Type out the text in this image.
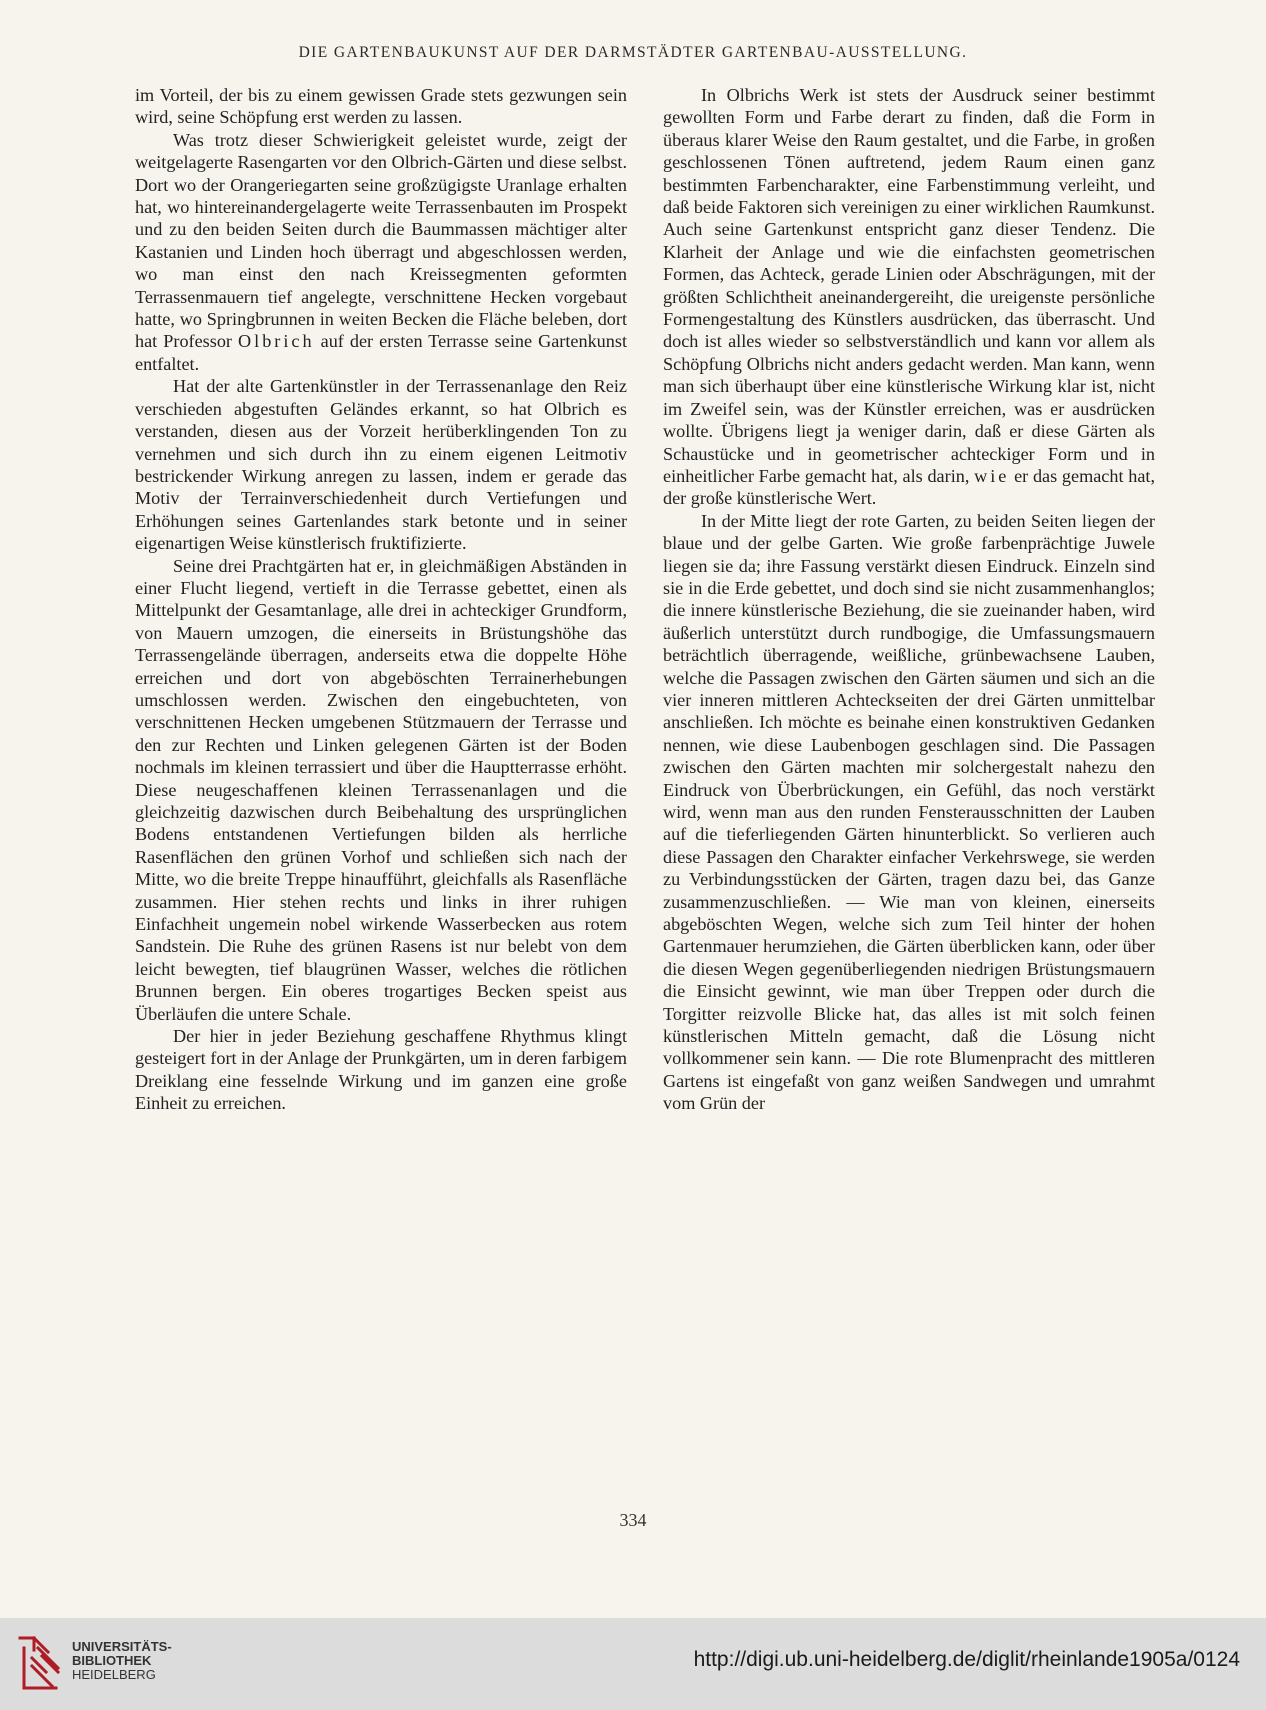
DIE GARTENBAUKUNST AUF DER DARMSTÄDTER GARTENBAU-AUSSTELLUNG.

im Vorteil, der bis zu einem gewissen Grade stets gezwungen sein wird, seine Schöpfung erst werden zu lassen.

Was trotz dieser Schwierigkeit geleistet wurde, zeigt der weitgelagerte Rasengarten vor den Olbrich-Gärten und diese selbst. Dort wo der Orangeriegarten seine großzügigste Uranlage erhalten hat, wo hintereinandergelagerte weite Terrassenbauten im Prospekt und zu den beiden Seiten durch die Baummassen mächtiger alter Kastanien und Linden hoch überragt und abgeschlossen werden, wo man einst den nach Kreissegmenten geformten Terrassenmauern tief angelegte, verschnittene Hecken vorgebaut hatte, wo Springbrunnen in weiten Becken die Fläche beleben, dort hat Professor Olbrich auf der ersten Terrasse seine Gartenkunst entfaltet.

Hat der alte Gartenkünstler in der Terrassenanlage den Reiz verschieden abgestuften Geländes erkannt, so hat Olbrich es verstanden, diesen aus der Vorzeit herüberklingenden Ton zu vernehmen und sich durch ihn zu einem eigenen Leitmotiv bestrickender Wirkung anregen zu lassen, indem er gerade das Motiv der Terrainverschiedenheit durch Vertiefungen und Erhöhungen seines Gartenlandes stark betonte und in seiner eigenartigen Weise künstlerisch fruktifizierte.

Seine drei Prachtgärten hat er, in gleichmäßigen Abständen in einer Flucht liegend, vertieft in die Terrasse gebettet, einen als Mittelpunkt der Gesamtanlage, alle drei in achteckiger Grundform, von Mauern umzogen, die einerseits in Brüstungshöhe das Terrassengelände überragen, anderseits etwa die doppelte Höhe erreichen und dort von abgeböschten Terrainerhebungen umschlossen werden. Zwischen den eingebuchteten, von verschnittenen Hecken umgebenen Stützmauern der Terrasse und den zur Rechten und Linken gelegenen Gärten ist der Boden nochmals im kleinen terrassiert und über die Hauptterrasse erhöht. Diese neugeschaffenen kleinen Terrassenanlagen und die gleichzeitig dazwischen durch Beibehaltung des ursprünglichen Bodens entstandenen Vertiefungen bilden als herrliche Rasenflächen den grünen Vorhof und schließen sich nach der Mitte, wo die breite Treppe hinaufführt, gleichfalls als Rasenfläche zusammen. Hier stehen rechts und links in ihrer ruhigen Einfachheit ungemein nobel wirkende Wasserbecken aus rotem Sandstein. Die Ruhe des grünen Rasens ist nur belebt von dem leicht bewegten, tief blaugrünen Wasser, welches die rötlichen Brunnen bergen. Ein oberes trogartiges Becken speist aus Überläufen die untere Schale.

Der hier in jeder Beziehung geschaffene Rhythmus klingt gesteigert fort in der Anlage der Prunkgärten, um in deren farbigem Dreiklang eine fesselnde Wirkung und im ganzen eine große Einheit zu erreichen.

In Olbrichs Werk ist stets der Ausdruck seiner bestimmt gewollten Form und Farbe derart zu finden, daß die Form in überaus klarer Weise den Raum gestaltet, und die Farbe, in großen geschlossenen Tönen auftretend, jedem Raum einen ganz bestimmten Farbencharakter, eine Farbenstimmung verleiht, und daß beide Faktoren sich vereinigen zu einer wirklichen Raumkunst. Auch seine Gartenkunst entspricht ganz dieser Tendenz. Die Klarheit der Anlage und wie die einfachsten geometrischen Formen, das Achteck, gerade Linien oder Abschrägungen, mit der größten Schlichtheit aneinandergereiht, die ureigenste persönliche Formengestaltung des Künstlers ausdrücken, das überrascht. Und doch ist alles wieder so selbstverständlich und kann vor allem als Schöpfung Olbrichs nicht anders gedacht werden. Man kann, wenn man sich überhaupt über eine künstlerische Wirkung klar ist, nicht im Zweifel sein, was der Künstler erreichen, was er ausdrücken wollte. Übrigens liegt ja weniger darin, daß er diese Gärten als Schaustücke und in geometrischer achteckiger Form und in einheitlicher Farbe gemacht hat, als darin, wie er das gemacht hat, der große künstlerische Wert.

In der Mitte liegt der rote Garten, zu beiden Seiten liegen der blaue und der gelbe Garten. Wie große farbenprächtige Juwele liegen sie da; ihre Fassung verstärkt diesen Eindruck. Einzeln sind sie in die Erde gebettet, und doch sind sie nicht zusammenhanglos; die innere künstlerische Beziehung, die sie zueinander haben, wird äußerlich unterstützt durch rundbogige, die Umfassungsmauern beträchtlich überragende, weißliche, grünbewachsene Lauben, welche die Passagen zwischen den Gärten säumen und sich an die vier inneren mittleren Achteckseiten der drei Gärten unmittelbar anschließen. Ich möchte es beinahe einen konstruktiven Gedanken nennen, wie diese Laubenbogen geschlagen sind. Die Passagen zwischen den Gärten machten mir solchergestalt nahezu den Eindruck von Überbrückungen, ein Gefühl, das noch verstärkt wird, wenn man aus den runden Fensterausschnitten der Lauben auf die tieferliegenden Gärten hinunterblickt. So verlieren auch diese Passagen den Charakter einfacher Verkehrswege, sie werden zu Verbindungsstücken der Gärten, tragen dazu bei, das Ganze zusammenzuschließen. — Wie man von kleinen, einerseits abgeböschten Wegen, welche sich zum Teil hinter der hohen Gartenmauer herumziehen, die Gärten überblicken kann, oder über die diesen Wegen gegenüberliegenden niedrigen Brüstungsmauern die Einsicht gewinnt, wie man über Treppen oder durch die Torgitter reizvolle Blicke hat, das alles ist mit solch feinen künstlerischen Mitteln gemacht, daß die Lösung nicht vollkommener sein kann. — Die rote Blumenpracht des mittleren Gartens ist eingefaßt von ganz weißen Sandwegen und umrahmt vom Grün der

334
UNIVERSITÄTS-
BIBLIOTHEK
HEIDELBERG
http://digi.ub.uni-heidelberg.de/diglit/rheinlande1905a/0124
